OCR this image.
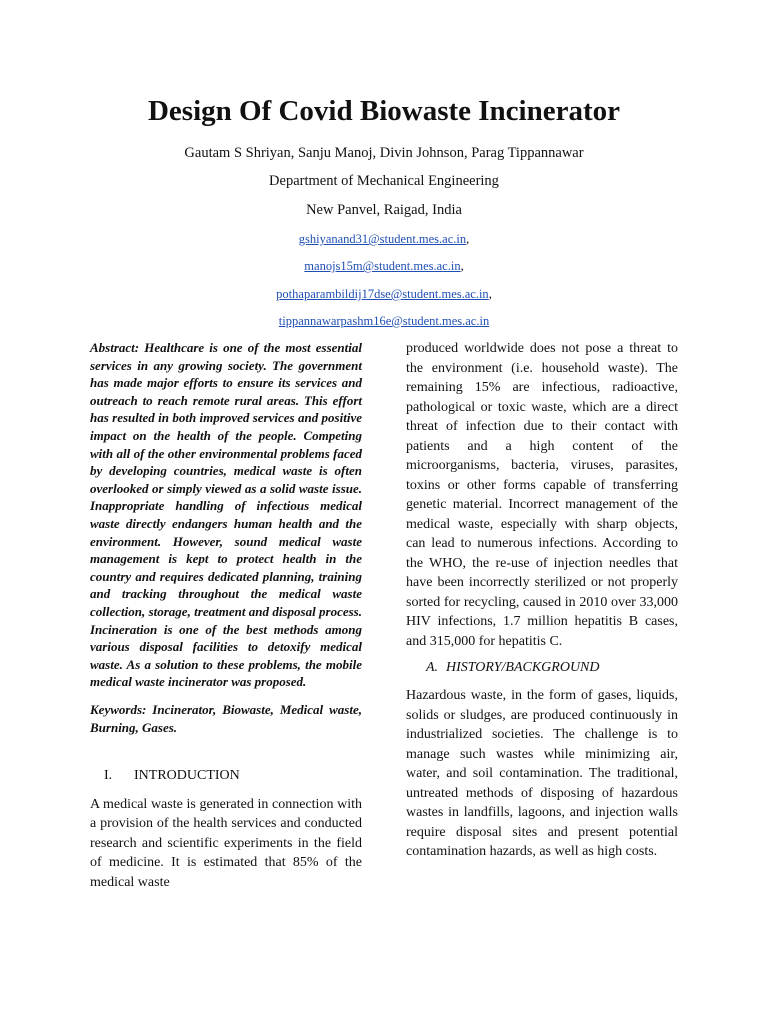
Design Of Covid Biowaste Incinerator

Gautam S Shriyan, Sanju Manoj, Divin Johnson, Parag Tippannawar

Department of Mechanical Engineering

New Panvel, Raigad, India

gshiyanand31@student.mes.ac.in,
manojs15m@student.mes.ac.in,
pothaparambildij17dse@student.mes.ac.in,
tippannawarpashm16e@student.mes.ac.in

Abstract: Healthcare is one of the most essential services in any growing society. The government has made major efforts to ensure its services and outreach to reach remote rural areas. This effort has resulted in both improved services and positive impact on the health of the people. Competing with all of the other environmental problems faced by developing countries, medical waste is often overlooked or simply viewed as a solid waste issue. Inappropriate handling of infectious medical waste directly endangers human health and the environment. However, sound medical waste management is kept to protect health in the country and requires dedicated planning, training and tracking throughout the medical waste collection, storage, treatment and disposal process. Incineration is one of the best methods among various disposal facilities to detoxify medical waste. As a solution to these problems, the mobile medical waste incinerator was proposed.

Keywords: Incinerator, Biowaste, Medical waste, Burning, Gases.

I. INTRODUCTION

A medical waste is generated in connection with a provision of the health services and conducted research and scientific experiments in the field of medicine. It is estimated that 85% of the medical waste

produced worldwide does not pose a threat to the environment (i.e. household waste). The remaining 15% are infectious, radioactive, pathological or toxic waste, which are a direct threat of infection due to their contact with patients and a high content of the microorganisms, bacteria, viruses, parasites, toxins or other forms capable of transferring genetic material. Incorrect management of the medical waste, especially with sharp objects, can lead to numerous infections. According to the WHO, the re-use of injection needles that have been incorrectly sterilized or not properly sorted for recycling, caused in 2010 over 33,000 HIV infections, 1.7 million hepatitis B cases, and 315,000 for hepatitis C.

A. HISTORY/BACKGROUND

Hazardous waste, in the form of gases, liquids, solids or sludges, are produced continuously in industrialized societies. The challenge is to manage such wastes while minimizing air, water, and soil contamination. The traditional, untreated methods of disposing of hazardous wastes in landfills, lagoons, and injection walls require disposal sites and present potential contamination hazards, as well as high costs.
